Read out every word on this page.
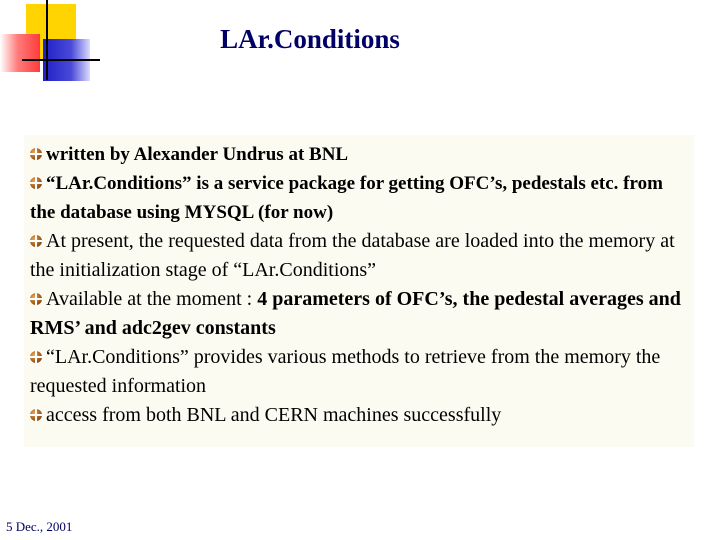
LAr.Conditions

written by Alexander Undrus at BNL

“LAr.Conditions” is a service package for getting OFC’s, pedestals etc. from the database using MYSQL (for now)

At present, the requested data from the database are loaded into the memory at the initialization stage of “LAr.Conditions”

Available at the moment : 4 parameters of OFC’s, the pedestal averages and RMS’ and adc2gev constants

“LAr.Conditions” provides various methods to retrieve from the memory the requested information

access from both BNL and CERN machines successfully

5 Dec., 2001
